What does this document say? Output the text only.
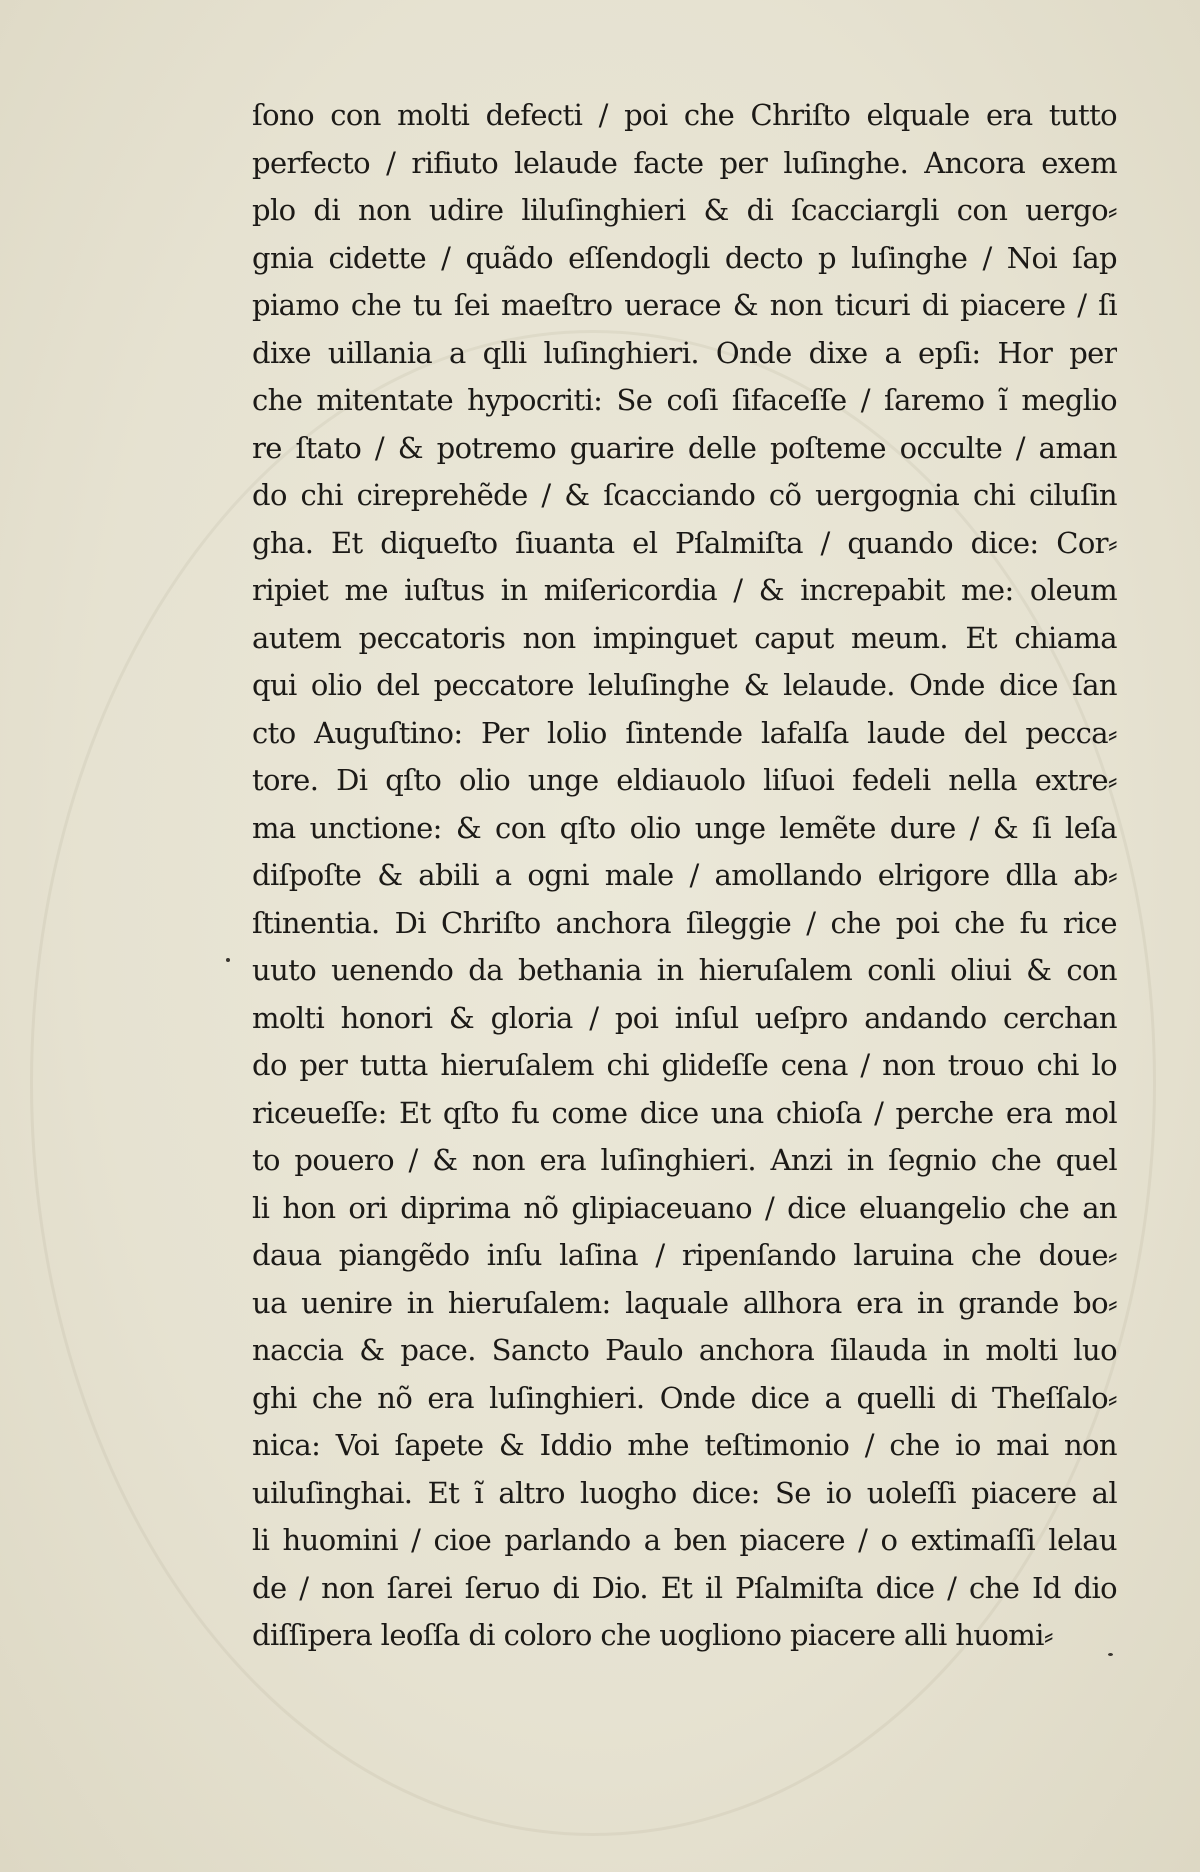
ſono con molti defecti / poi che Chriſto elquale era tutto
perfecto / rifiuto lelaude facte per luſinghe. Ancora exem
plo di non udire liluſinghieri & di ſcacciargli con uergo⸗
gnia cidette / quãdo eſſendogli decto p luſinghe / Noi ſap
piamo che tu ſei maeſtro uerace & non ticuri di piacere / ſi
dixe uillania a qlli luſinghieri. Onde dixe a epſi: Hor per
che mitentate hypocriti: Se coſi ſifaceſſe / ſaremo ĩ meglio
re ſtato / & potremo guarire delle poſteme occulte / aman
do chi cireprehẽde / & ſcacciando cõ uergognia chi ciluſin
gha. Et diqueſto ſiuanta el Pſalmiſta / quando dice: Cor⸗
ripiet me iuſtus in miſericordia / & increpabit me: oleum
autem peccatoris non impinguet caput meum. Et chiama
qui olio del peccatore leluſinghe & lelaude. Onde dice ſan
cto Auguſtino: Per lolio ſintende lafalſa laude del pecca⸗
tore. Di qſto olio unge eldiauolo liſuoi fedeli nella extre⸗
ma unctione: & con qſto olio unge lemẽte dure / & ſi leſa
diſpoſte & abili a ogni male / amollando elrigore dlla ab⸗
ſtinentia. Di Chriſto anchora ſileggie / che poi che fu rice
uuto uenendo da bethania in hieruſalem conli oliui & con
molti honori & gloria / poi inſul ueſpro andando cerchan
do per tutta hieruſalem chi glideſſe cena / non trouo chi lo
riceueſſe: Et qſto fu come dice una chioſa / perche era mol
to pouero / & non era luſinghieri. Anzi in ſegnio che quel
li hon ori diprima nõ glipiaceuano / dice eluangelio che an
daua piangẽdo inſu laſina / ripenſando laruina che doue⸗
ua uenire in hieruſalem: laquale allhora era in grande bo⸗
naccia & pace. Sancto Paulo anchora ſilauda in molti luo
ghi che nõ era luſinghieri. Onde dice a quelli di Theſſalo⸗
nica: Voi ſapete & Iddio mhe teſtimonio / che io mai non
uiluſinghai. Et ĩ altro luogho dice: Se io uoleſſi piacere al
li huomini / cioe parlando a ben piacere / o extimaſſi lelau
de / non ſarei ſeruo di Dio. Et il Pſalmiſta dice / che Id dio
diſſipera leoſſa di coloro che uogliono piacere alli huomi⸗
